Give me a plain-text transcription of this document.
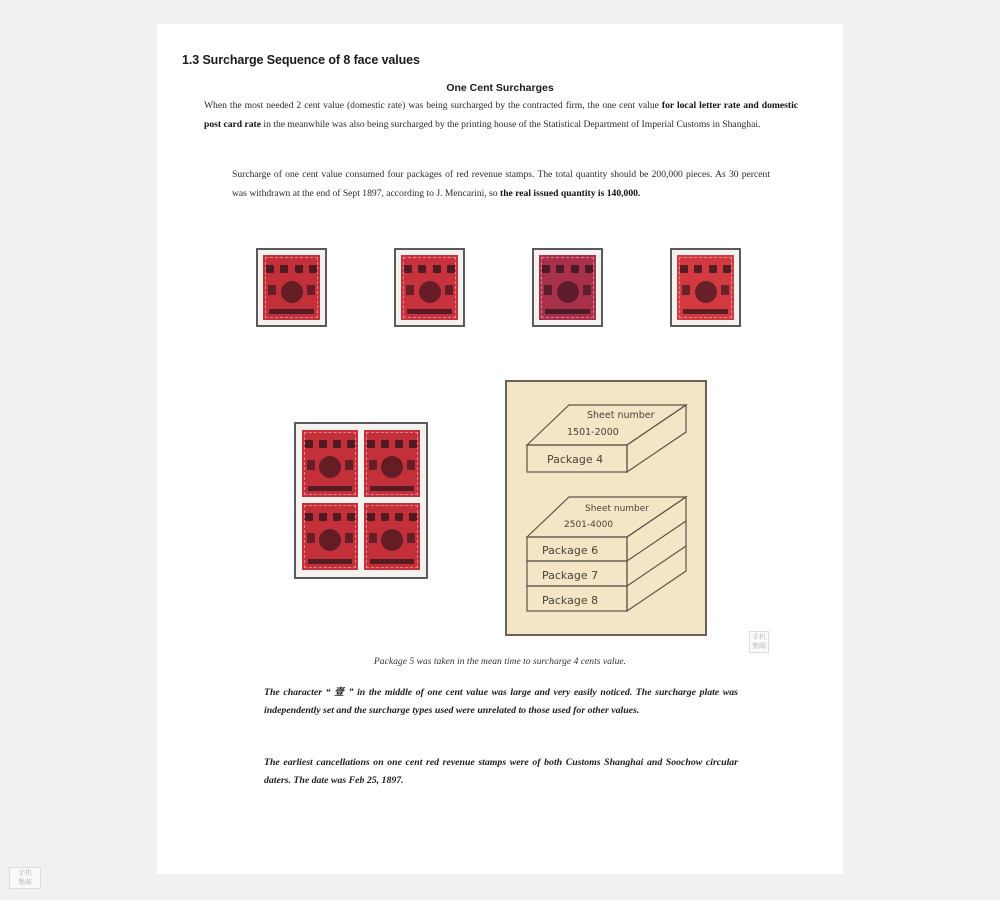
1.3 Surcharge Sequence of 8 face values
One Cent Surcharges
When the most needed 2 cent value (domestic rate) was being surcharged by the contracted firm, the one cent value for local letter rate and domestic post card rate in the meanwhile was also being surcharged by the printing house of the Statistical Department of Imperial Customs in Shanghai.
Surcharge of one cent value consumed four packages of red revenue stamps. The total quantity should be 200,000 pieces. As 30 percent was withdrawn at the end of Sept 1897, according to J. Mencarini, so the real issued quantity is 140,000.
Sheet number
1501-2000
Package 4
Sheet number
2501-4000
Package 6
Package 7
Package 8
手机
集邮
Package 5 was taken in the mean time to surcharge 4 cents value.
The character “ 壹 ” in the middle of one cent value was large and very easily noticed. The surcharge plate was independently set and the surcharge types used were unrelated to those used for other values.
The earliest cancellations on one cent red revenue stamps were of both Customs Shanghai and Soochow circular daters. The date was Feb 25, 1897.
手机
集邮
